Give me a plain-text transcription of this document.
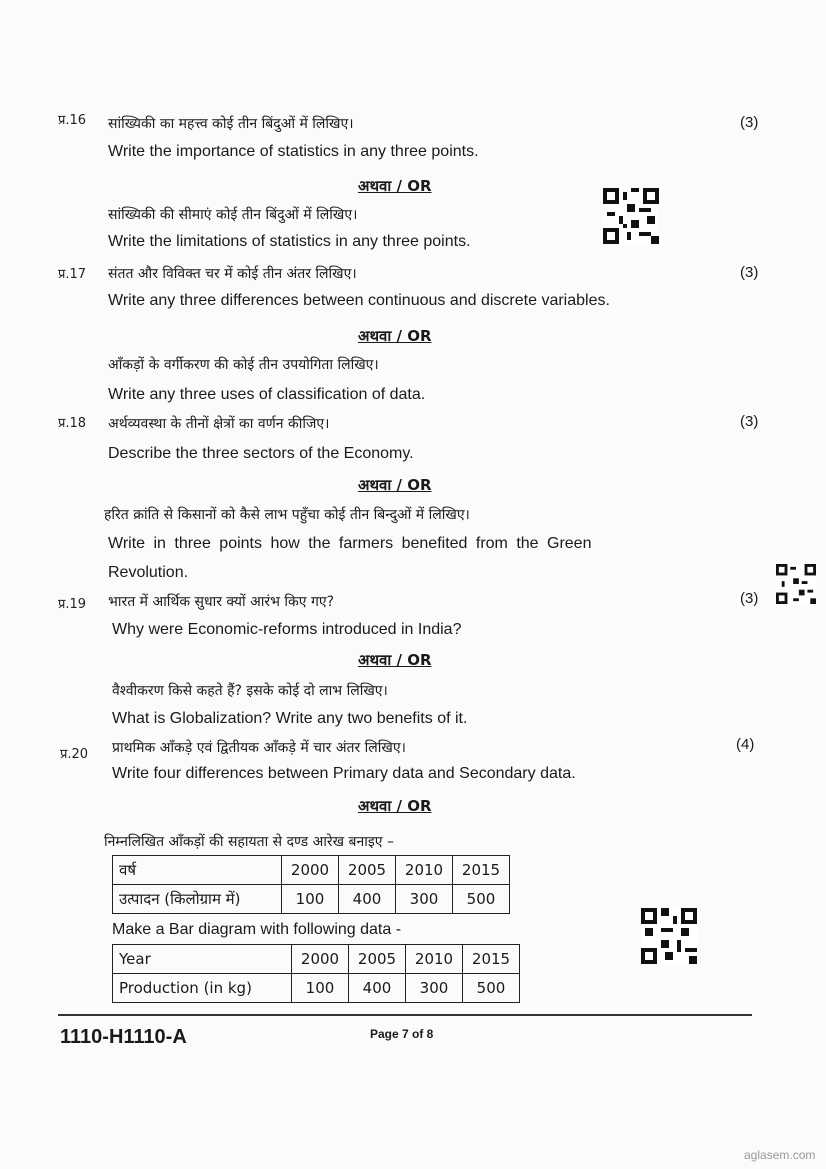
प्र.16 सांख्यिकी का महत्त्व कोई तीन बिंदुओं में लिखिए।	(3)
Write the importance of statistics in any three points.
अथवा / OR
सांख्यिकी की सीमाएं कोई तीन बिंदुओं में लिखिए।
Write the limitations of statistics in any three points.
प्र.17 संतत और विविक्त चर में कोई तीन अंतर लिखिए।	(3)
Write any three differences between continuous and discrete variables.
अथवा / OR
आँकड़ों के वर्गीकरण की कोई तीन उपयोगिता लिखिए।
Write any three uses of classification of data.
प्र.18 अर्थव्यवस्था के तीनों क्षेत्रों का वर्णन कीजिए।	(3)
Describe the three sectors of the Economy.
अथवा / OR
हरित क्रांति से किसानों को कैसे लाभ पहुँचा कोई तीन बिन्दुओं में लिखिए।
Write in three points how the farmers benefited from the Green
Revolution.
प्र.19 भारत में आर्थिक सुधार क्यों आरंभ किए गए?	(3)
Why were Economic-reforms introduced in India?
अथवा / OR
वैश्वीकरण किसे कहते हैं? इसके कोई दो लाभ लिखिए।
What is Globalization? Write any two benefits of it.
प्र.20 प्राथमिक आँकड़े एवं द्वितीयक आँकड़े में चार अंतर लिखिए।	(4)
Write four differences between Primary data and Secondary data.
अथवा / OR
निम्नलिखित आँकड़ों की सहायता से दण्ड आरेख बनाइए –
वर्ष	2000	2005	2010	2015
उत्पादन (किलोग्राम में)	100	400	300	500
Make a Bar diagram with following data -
Year	2000	2005	2010	2015
Production (in kg)	100	400	300	500
1110-H1110-A	Page 7 of 8
aglasem.com
